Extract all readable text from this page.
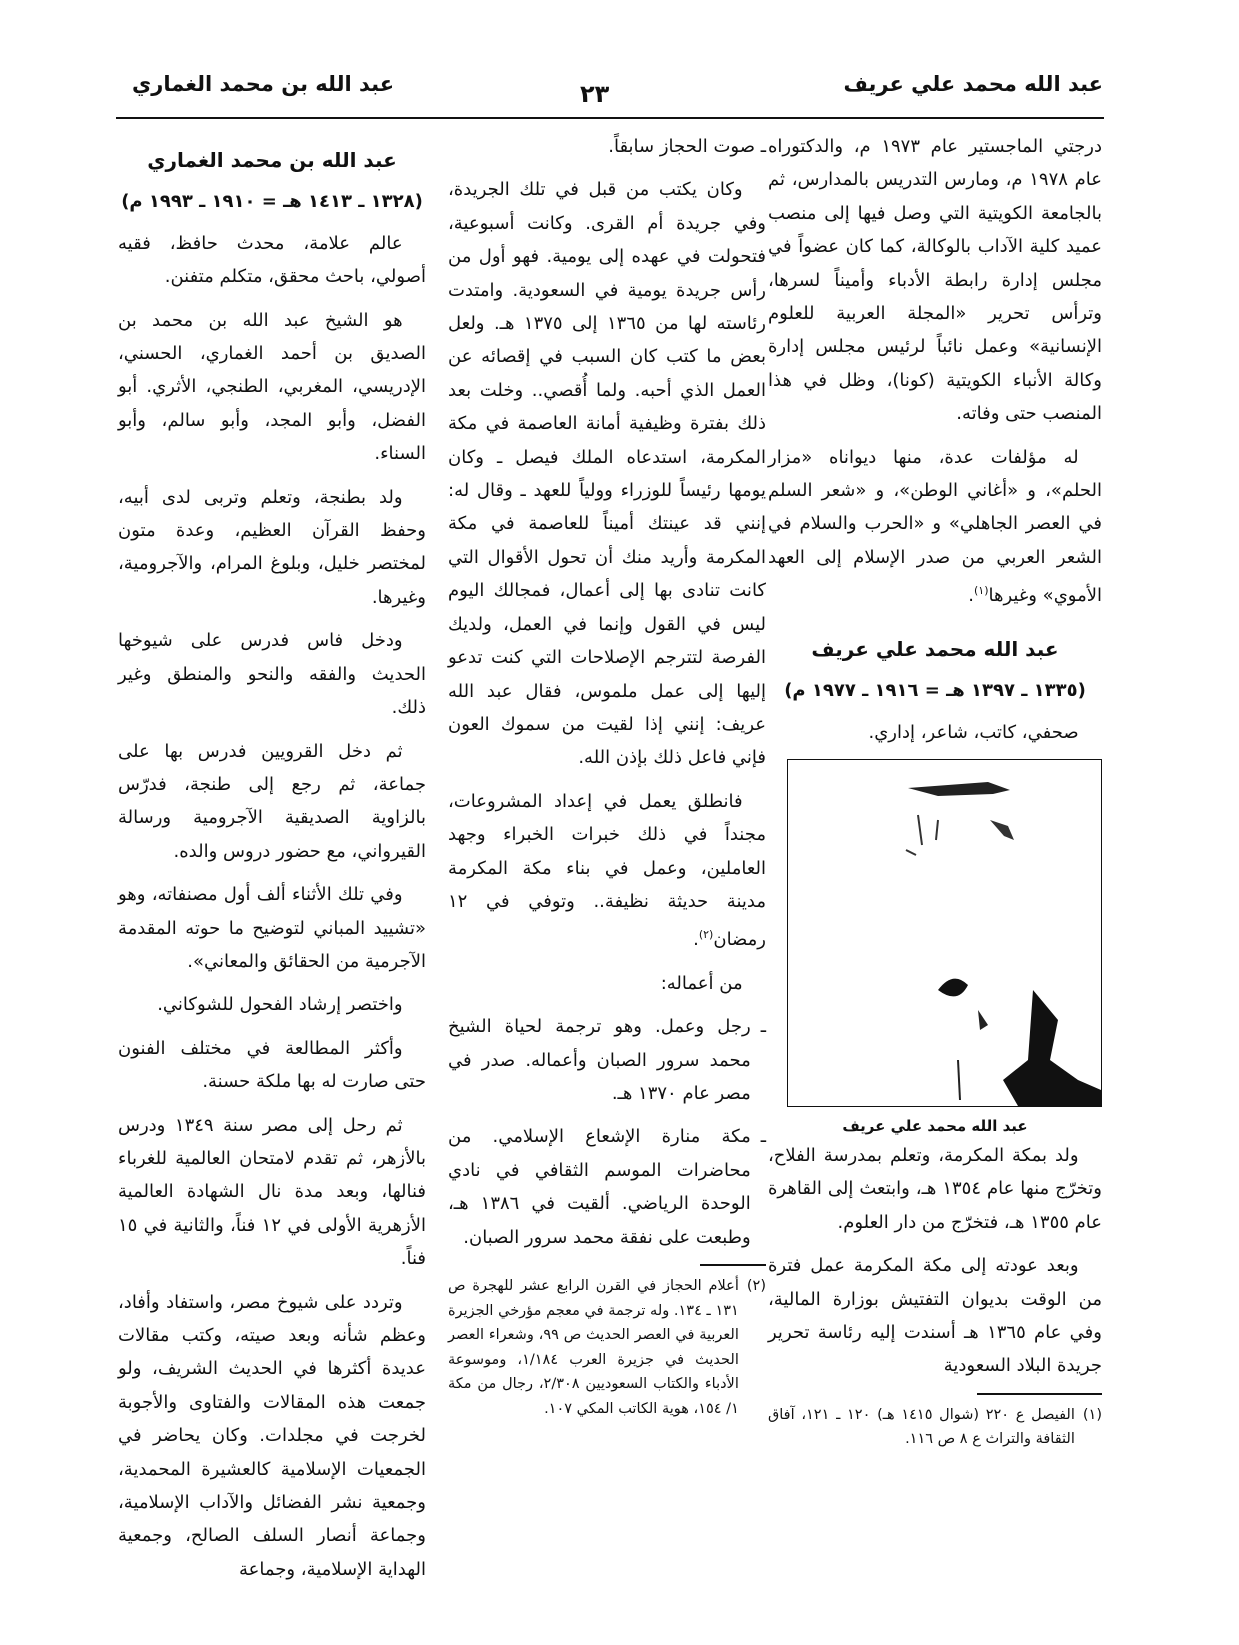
عبد الله محمد علي عريف
٢٣
عبد الله بن محمد الغماري

درجتي الماجستير عام ١٩٧٣ م، والدكتوراه عام ١٩٧٨ م، ومارس التدريس بالمدارس، ثم بالجامعة الكويتية التي وصل فيها إلى منصب عميد كلية الآداب بالوكالة، كما كان عضواً في مجلس إدارة رابطة الأدباء وأميناً لسرها، وترأس تحرير «المجلة العربية للعلوم الإنسانية» وعمل نائباً لرئيس مجلس إدارة وكالة الأنباء الكويتية (كونا)، وظل في هذا المنصب حتى وفاته.

له مؤلفات عدة، منها ديواناه «مزار الحلم»، و «أغاني الوطن»، و «شعر السلم في العصر الجاهلي» و «الحرب والسلام في الشعر العربي من صدر الإسلام إلى العهد الأموي» وغيرها$^{(١)}$.

عبد الله محمد علي عريف
(١٣٣٥ ـ ١٣٩٧ هـ = ١٩١٦ ـ ١٩٧٧ م)

صحفي، كاتب، شاعر، إداري.

عبد الله محمد علي عريف

ولد بمكة المكرمة، وتعلم بمدرسة الفلاح، وتخرّج منها عام ١٣٥٤ هـ، وابتعث إلى القاهرة عام ١٣٥٥ هـ، فتخرّج من دار العلوم.

وبعد عودته إلى مكة المكرمة عمل فترة من الوقت بديوان التفتيش بوزارة المالية، وفي عام ١٣٦٥ هـ أسندت إليه رئاسة تحرير جريدة البلاد السعودية

(١)
الفيصل ع ٢٢٠ (شوال ١٤١٥ هـ) ١٢٠ ـ ١٢١، آفاق الثقافة والتراث ع ٨ ص ١١٦.

ـ صوت الحجاز سابقاً.

وكان يكتب من قبل في تلك الجريدة، وفي جريدة أم القرى. وكانت أسبوعية، فتحولت في عهده إلى يومية. فهو أول من رأس جريدة يومية في السعودية. وامتدت رئاسته لها من ١٣٦٥ إلى ١٣٧٥ هـ. ولعل بعض ما كتب كان السبب في إقصائه عن العمل الذي أحبه. ولما أُقصي.. وخلت بعد ذلك بفترة وظيفية أمانة العاصمة في مكة المكرمة، استدعاه الملك فيصل ـ وكان يومها رئيساً للوزراء وولياً للعهد ـ وقال له: إنني قد عينتك أميناً للعاصمة في مكة المكرمة وأريد منك أن تحول الأقوال التي كانت تنادى بها إلى أعمال، فمجالك اليوم ليس في القول وإنما في العمل، ولديك الفرصة لتترجم الإصلاحات التي كنت تدعو إليها إلى عمل ملموس، فقال عبد الله عريف: إنني إذا لقيت من سموك العون فإني فاعل ذلك بإذن الله.

فانطلق يعمل في إعداد المشروعات، مجنداً في ذلك خبرات الخبراء وجهد العاملين، وعمل في بناء مكة المكرمة مدينة حديثة نظيفة.. وتوفي في ١٢ رمضان$^{(٢)}$.

من أعماله:

ـ
رجل وعمل. وهو ترجمة لحياة الشيخ محمد سرور الصبان وأعماله. صدر في مصر عام ١٣٧٠ هـ.
ـ
مكة منارة الإشعاع الإسلامي. من محاضرات الموسم الثقافي في نادي الوحدة الرياضي. ألقيت في ١٣٨٦ هـ، وطبعت على نفقة محمد سرور الصبان.
(٢)
أعلام الحجاز في القرن الرابع عشر للهجرة ص ١٣١ ـ ١٣٤. وله ترجمة في معجم مؤرخي الجزيرة العربية في العصر الحديث ص ٩٩، وشعراء العصر الحديث في جزيرة العرب ١/١٨٤، وموسوعة الأدباء والكتاب السعوديين ٢/٣٠٨، رجال من مكة ١/ ١٥٤، هوية الكاتب المكي ١٠٧.
عبد الله بن محمد الغماري
(١٣٢٨ ـ ١٤١٣ هـ = ١٩١٠ ـ ١٩٩٣ م)

عالم علامة، محدث حافظ، فقيه أصولي، باحث محقق، متكلم متفنن.

هو الشيخ عبد الله بن محمد بن الصديق بن أحمد الغماري، الحسني، الإدريسي، المغربي، الطنجي، الأثري. أبو الفضل، وأبو المجد، وأبو سالم، وأبو السناء.

ولد بطنجة، وتعلم وتربى لدى أبيه، وحفظ القرآن العظيم، وعدة متون لمختصر خليل، وبلوغ المرام، والآجرومية، وغيرها.

ودخل فاس فدرس على شيوخها الحديث والفقه والنحو والمنطق وغير ذلك.

ثم دخل القرويين فدرس بها على جماعة، ثم رجع إلى طنجة، فدرّس بالزاوية الصديقية الآجرومية ورسالة القيرواني، مع حضور دروس والده.

وفي تلك الأثناء ألف أول مصنفاته، وهو «تشييد المباني لتوضيح ما حوته المقدمة الآجرمية من الحقائق والمعاني».

واختصر إرشاد الفحول للشوكاني.

وأكثر المطالعة في مختلف الفنون حتى صارت له بها ملكة حسنة.

ثم رحل إلى مصر سنة ١٣٤٩ ودرس بالأزهر، ثم تقدم لامتحان العالمية للغرباء فنالها، وبعد مدة نال الشهادة العالمية الأزهرية الأولى في ١٢ فناً، والثانية في ١٥ فناً.

وتردد على شيوخ مصر، واستفاد وأفاد، وعظم شأنه وبعد صيته، وكتب مقالات عديدة أكثرها في الحديث الشريف، ولو جمعت هذه المقالات والفتاوى والأجوبة لخرجت في مجلدات. وكان يحاضر في الجمعيات الإسلامية كالعشيرة المحمدية، وجمعية نشر الفضائل والآداب الإسلامية، وجماعة أنصار السلف الصالح، وجمعية الهداية الإسلامية، وجماعة
